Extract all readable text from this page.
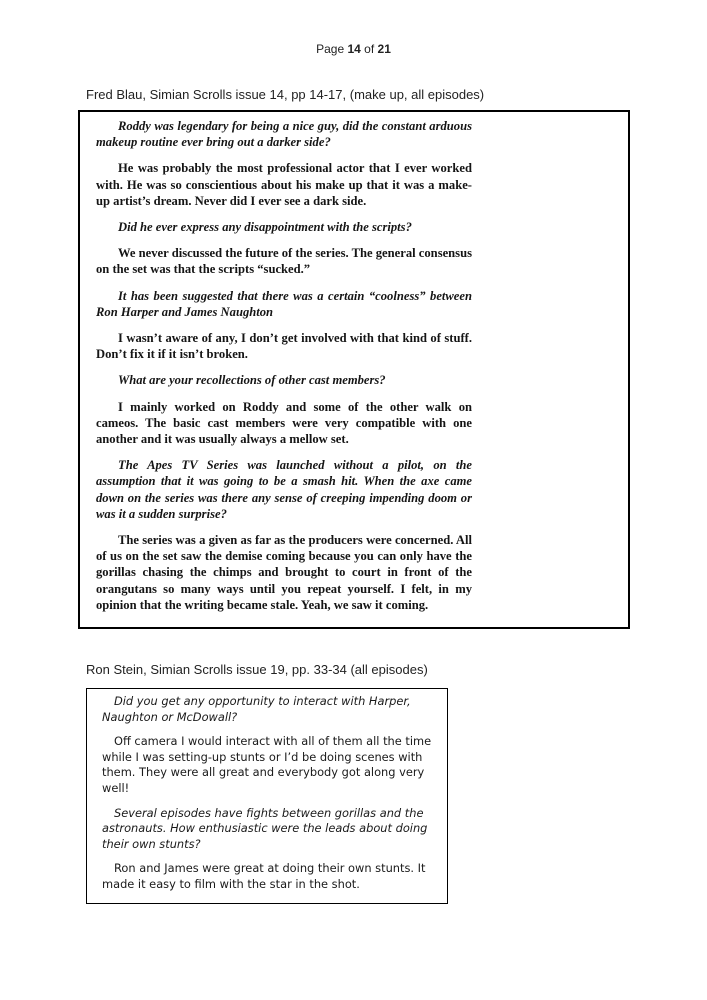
Page 14 of 21
Fred Blau, Simian Scrolls issue 14, pp 14-17, (make up, all episodes)

Roddy was legendary for being a nice guy, did the constant arduous makeup routine ever bring out a darker side?

He was probably the most professional actor that I ever worked with. He was so conscientious about his make up that it was a make-up artist’s dream. Never did I ever see a dark side.

Did he ever express any disappointment with the scripts?

We never discussed the future of the series. The general consensus on the set was that the scripts “sucked.”

It has been suggested that there was a certain “coolness” between Ron Harper and James Naughton

I wasn’t aware of any, I don’t get involved with that kind of stuff. Don’t fix it if it isn’t broken.

What are your recollections of other cast members?

I mainly worked on Roddy and some of the other walk on cameos. The basic cast members were very compatible with one another and it was usually always a mellow set.

The Apes TV Series was launched without a pilot, on the assumption that it was going to be a smash hit. When the axe came down on the series was there any sense of creeping impending doom or was it a sudden surprise?

The series was a given as far as the producers were concerned. All of us on the set saw the demise coming because you can only have the gorillas chasing the chimps and brought to court in front of the orangutans so many ways until you repeat yourself. I felt, in my opinion that the writing became stale. Yeah, we saw it coming.

Ron Stein, Simian Scrolls issue 19, pp. 33-34 (all episodes)

Did you get any opportunity to interact with Harper, Naughton or McDowall?

Off camera I would interact with all of them all the time while I was setting-up stunts or I’d be doing scenes with them. They were all great and everybody got along very well!

Several episodes have fights between gorillas and the astronauts. How enthusiastic were the leads about doing their own stunts?

Ron and James were great at doing their own stunts. It made it easy to film with the star in the shot.
